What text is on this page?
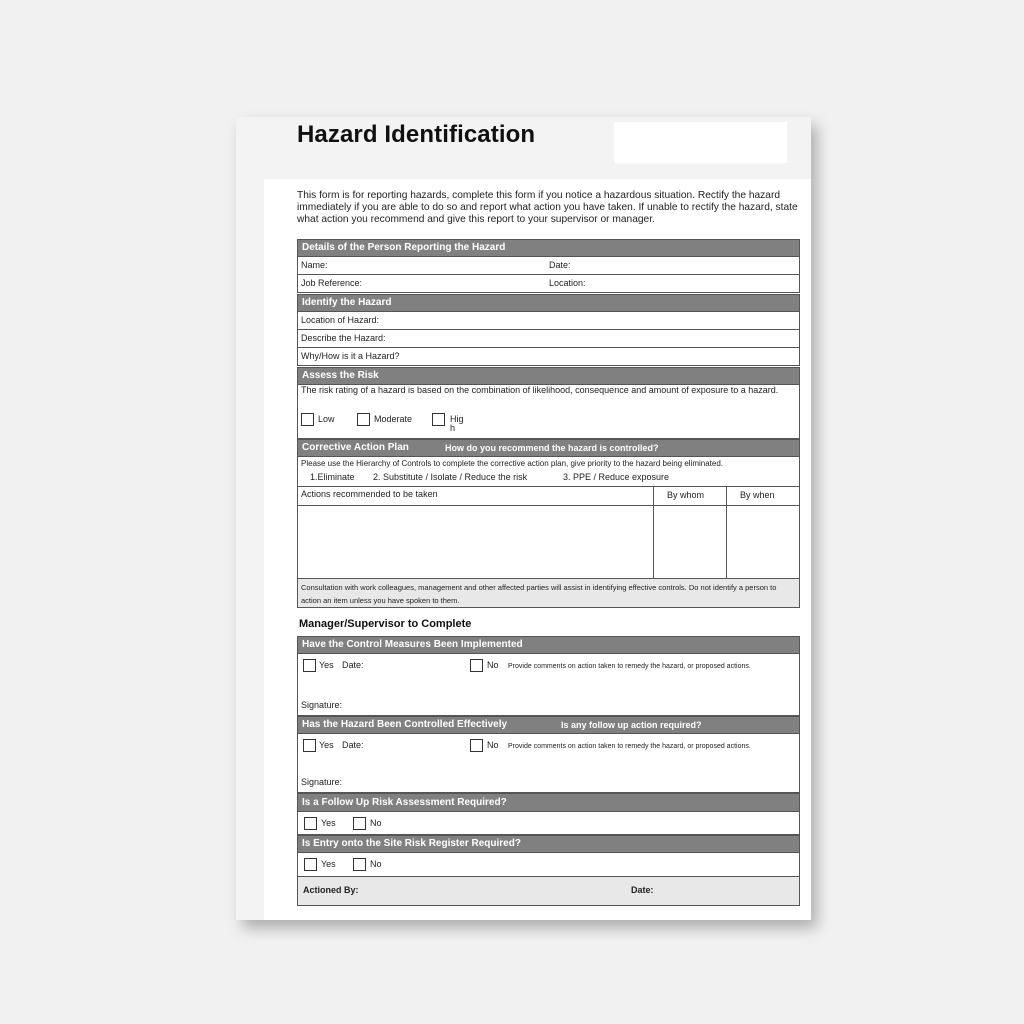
Hazard Identification
This form is for reporting hazards, complete this form if you notice a hazardous situation. Rectify the hazard immediately if you are able to do so and report what action you have taken. If unable to rectify the hazard, state what action you recommend and give this report to your supervisor or manager.
Details of the Person Reporting the Hazard
Name:	Date:
Job Reference:	Location:
Identify the Hazard
Location of Hazard:
Describe the Hazard:
Why/How is it a Hazard?
Assess the Risk
The risk rating of a hazard is based on the combination of likelihood, consequence and amount of exposure to a hazard.
Low	Moderate	Hig
h
Corrective Action Plan	How do you recommend the hazard is controlled?
Please use the Hierarchy of Controls to complete the corrective action plan, give priority to the hazard being eliminated.
1.Eliminate 2. Substitute / Isolate / Reduce the risk	3. PPE / Reduce exposure
Actions recommended to be taken	By whom	By when
Consultation with work colleagues, management and other affected parties will assist in identifying effective controls. Do not identify a person to action an item unless you have spoken to them.
Manager/Supervisor to Complete
Have the Control Measures Been Implemented
Yes Date:	No Provide comments on action taken to remedy the hazard, or proposed actions.
Signature:
Has the Hazard Been Controlled Effectively	Is any follow up action required?
Yes Date:	No Provide comments on action taken to remedy the hazard, or proposed actions.
Signature:
Is a Follow Up Risk Assessment Required?
Yes	No
Is Entry onto the Site Risk Register Required?
Yes	No
Actioned By:	Date:
